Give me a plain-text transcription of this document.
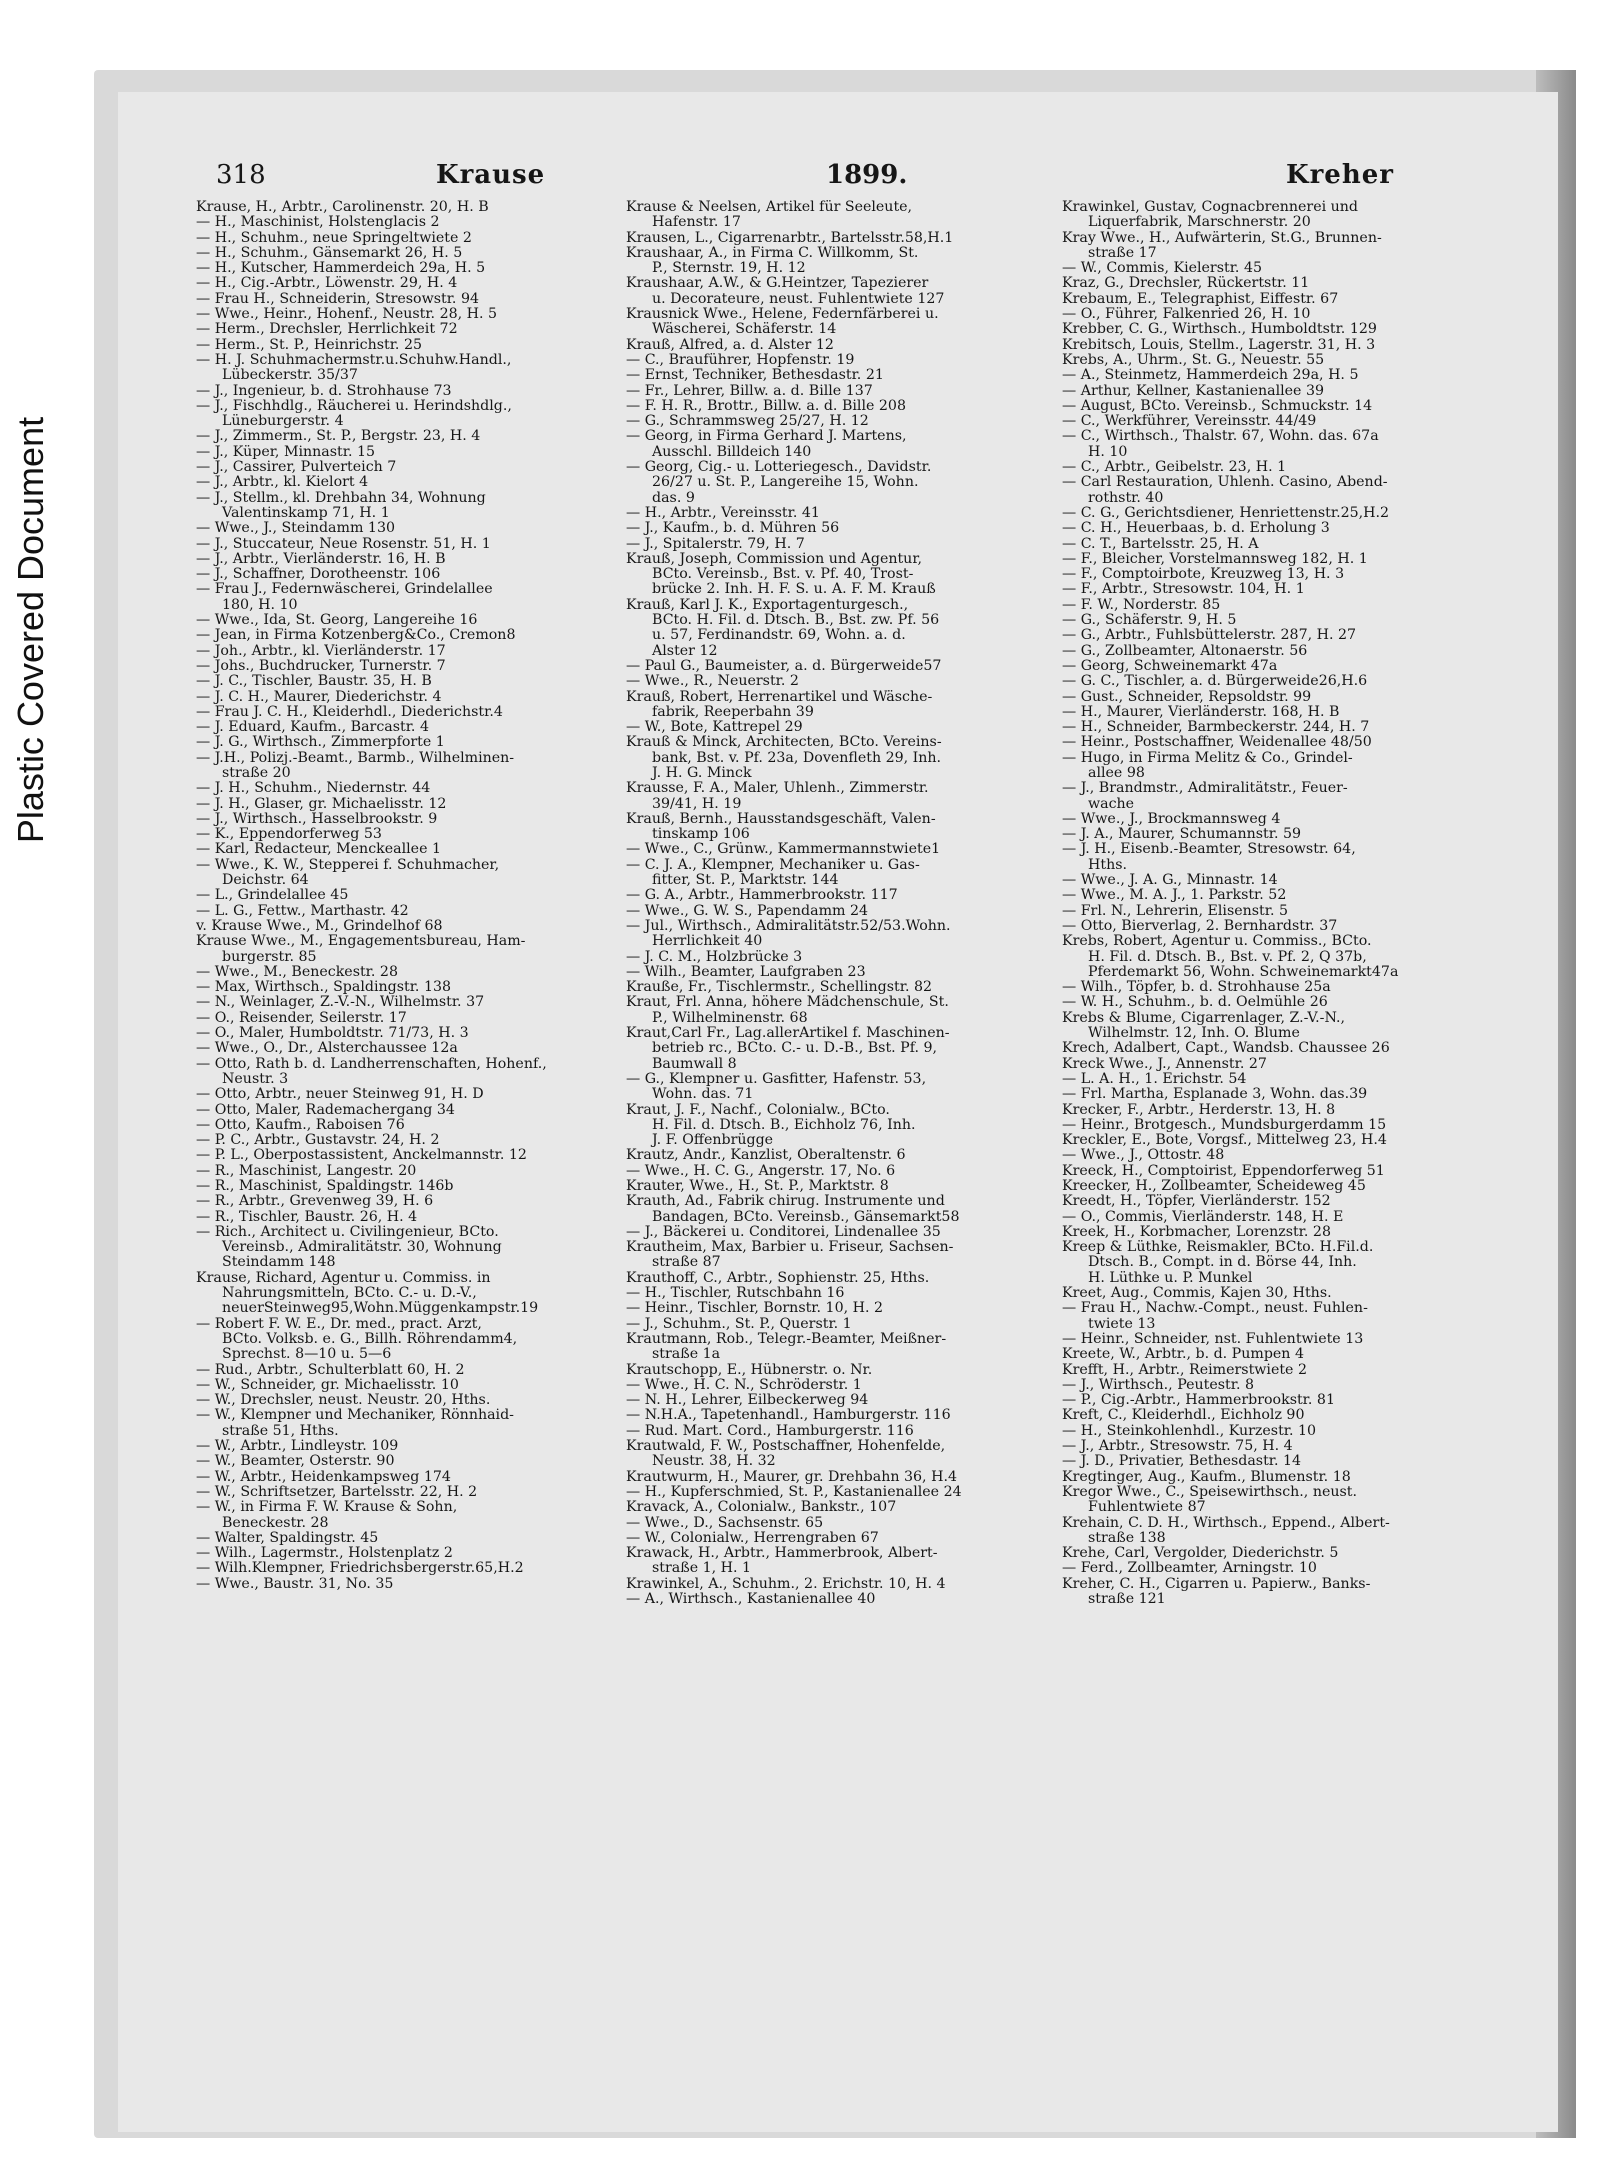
Plastic Covered Document
318	Krause	1899.	Kreher
Krause, H., Arbtr., Carolinenstr. 20, H. B
— H., Maschinist, Holstenglacis 2
— H., Schuhm., neue Springeltwiete 2
— H., Schuhm., Gänsemarkt 26, H. 5
— H., Kutscher, Hammerdeich 29a, H. 5
— H., Cig.-Arbtr., Löwenstr. 29, H. 4
— Frau H., Schneiderin, Stresowstr. 94
— Wwe., Heinr., Hohenf., Neustr. 28, H. 5
— Herm., Drechsler, Herrlichkeit 72
— Herm., St. P., Heinrichstr. 25
— H. J. Schuhmachermstr.u.Schuhw.Handl.,
Lübeckerstr. 35/37
— J., Ingenieur, b. d. Strohhause 73
— J., Fischhdlg., Räucherei u. Herindshdlg.,
Lüneburgerstr. 4
— J., Zimmerm., St. P., Bergstr. 23, H. 4
— J., Küper, Minnastr. 15
— J., Cassirer, Pulverteich 7
— J., Arbtr., kl. Kielort 4
— J., Stellm., kl. Drehbahn 34, Wohnung
Valentinskamp 71, H. 1
— Wwe., J., Steindamm 130
— J., Stuccateur, Neue Rosenstr. 51, H. 1
— J., Arbtr., Vierländerstr. 16, H. B
— J., Schaffner, Dorotheenstr. 106
— Frau J., Federnwäscherei, Grindelallee
180, H. 10
— Wwe., Ida, St. Georg, Langereihe 16
— Jean, in Firma Kotzenberg&Co., Cremon8
— Joh., Arbtr., kl. Vierländerstr. 17
— Johs., Buchdrucker, Turnerstr. 7
— J. C., Tischler, Baustr. 35, H. B
— J. C. H., Maurer, Diederichstr. 4
— Frau J. C. H., Kleiderhdl., Diederichstr.4
— J. Eduard, Kaufm., Barcastr. 4
— J. G., Wirthsch., Zimmerpforte 1
— J.H., Polizj.-Beamt., Barmb., Wilhelminen-
straße 20
— J. H., Schuhm., Niedernstr. 44
— J. H., Glaser, gr. Michaelisstr. 12
— J., Wirthsch., Hasselbrookstr. 9
— K., Eppendorferweg 53
— Karl, Redacteur, Menckeallee 1
— Wwe., K. W., Stepperei f. Schuhmacher,
Deichstr. 64
— L., Grindelallee 45
— L. G., Fettw., Marthastr. 42
v. Krause Wwe., M., Grindelhof 68
Krause Wwe., M., Engagementsbureau, Ham-
burgerstr. 85
— Wwe., M., Beneckestr. 28
— Max, Wirthsch., Spaldingstr. 138
— N., Weinlager, Z.-V.-N., Wilhelmstr. 37
— O., Reisender, Seilerstr. 17
— O., Maler, Humboldtstr. 71/73, H. 3
— Wwe., O., Dr., Alsterchaussee 12a
— Otto, Rath b. d. Landherrenschaften, Hohenf.,
Neustr. 3
— Otto, Arbtr., neuer Steinweg 91, H. D
— Otto, Maler, Rademachergang 34
— Otto, Kaufm., Raboisen 76
— P. C., Arbtr., Gustavstr. 24, H. 2
— P. L., Oberpostassistent, Anckelmannstr. 12
— R., Maschinist, Langestr. 20
— R., Maschinist, Spaldingstr. 146b
— R., Arbtr., Grevenweg 39, H. 6
— R., Tischler, Baustr. 26, H. 4
— Rich., Architect u. Civilingenieur, BCto.
Vereinsb., Admiralitätstr. 30, Wohnung
Steindamm 148
Krause, Richard, Agentur u. Commiss. in
Nahrungsmitteln, BCto. C.- u. D.-V.,
neuerSteinweg95,Wohn.Müggenkampstr.19
— Robert F. W. E., Dr. med., pract. Arzt,
BCto. Volksb. e. G., Billh. Röhrendamm4,
Sprechst. 8—10 u. 5—6
— Rud., Arbtr., Schulterblatt 60, H. 2
— W., Schneider, gr. Michaelisstr. 10
— W., Drechsler, neust. Neustr. 20, Hths.
— W., Klempner und Mechaniker, Rönnhaid-
straße 51, Hths.
— W., Arbtr., Lindleystr. 109
— W., Beamter, Osterstr. 90
— W., Arbtr., Heidenkampsweg 174
— W., Schriftsetzer, Bartelsstr. 22, H. 2
— W., in Firma F. W. Krause & Sohn,
Beneckestr. 28
— Walter, Spaldingstr. 45
— Wilh., Lagermstr., Holstenplatz 2
— Wilh.Klempner, Friedrichsbergerstr.65,H.2
— Wwe., Baustr. 31, No. 35
Krause & Neelsen, Artikel für Seeleute,
Hafenstr. 17
Krausen, L., Cigarrenarbtr., Bartelsstr.58,H.1
Kraushaar, A., in Firma C. Willkomm, St.
P., Sternstr. 19, H. 12
Kraushaar, A.W., & G.Heintzer, Tapezierer
u. Decorateure, neust. Fuhlentwiete 127
Krausnick Wwe., Helene, Federnfärberei u.
Wäscherei, Schäferstr. 14
Krauß, Alfred, a. d. Alster 12
— C., Brauführer, Hopfenstr. 19
— Ernst, Techniker, Bethesdastr. 21
— Fr., Lehrer, Billw. a. d. Bille 137
— F. H. R., Brottr., Billw. a. d. Bille 208
— G., Schrammsweg 25/27, H. 12
— Georg, in Firma Gerhard J. Martens,
Ausschl. Billdeich 140
— Georg, Cig.- u. Lotteriegesch., Davidstr.
26/27 u. St. P., Langereihe 15, Wohn.
das. 9
— H., Arbtr., Vereinsstr. 41
— J., Kaufm., b. d. Mühren 56
— J., Spitalerstr. 79, H. 7
Krauß, Joseph, Commission und Agentur,
BCto. Vereinsb., Bst. v. Pf. 40, Trost-
brücke 2. Inh. H. F. S. u. A. F. M. Krauß
Krauß, Karl J. K., Exportagenturgesch.,
BCto. H. Fil. d. Dtsch. B., Bst. zw. Pf. 56
u. 57, Ferdinandstr. 69, Wohn. a. d.
Alster 12
— Paul G., Baumeister, a. d. Bürgerweide57
— Wwe., R., Neuerstr. 2
Krauß, Robert, Herrenartikel und Wäsche-
fabrik, Reeperbahn 39
— W., Bote, Kattrepel 29
Krauß & Minck, Architecten, BCto. Vereins-
bank, Bst. v. Pf. 23a, Dovenfleth 29, Inh.
J. H. G. Minck
Krausse, F. A., Maler, Uhlenh., Zimmerstr.
39/41, H. 19
Krauß, Bernh., Hausstandsgeschäft, Valen-
tinskamp 106
— Wwe., C., Grünw., Kammermannstwiete1
— C. J. A., Klempner, Mechaniker u. Gas-
fitter, St. P., Marktstr. 144
— G. A., Arbtr., Hammerbrookstr. 117
— Wwe., G. W. S., Papendamm 24
— Jul., Wirthsch., Admiralitätstr.52/53.Wohn.
Herrlichkeit 40
— J. C. M., Holzbrücke 3
— Wilh., Beamter, Laufgraben 23
Krauße, Fr., Tischlermstr., Schellingstr. 82
Kraut, Frl. Anna, höhere Mädchenschule, St.
P., Wilhelminenstr. 68
Kraut,Carl Fr., Lag.allerArtikel f. Maschinen-
betrieb rc., BCto. C.- u. D.-B., Bst. Pf. 9,
Baumwall 8
— G., Klempner u. Gasfitter, Hafenstr. 53,
Wohn. das. 71
Kraut, J. F., Nachf., Colonialw., BCto.
H. Fil. d. Dtsch. B., Eichholz 76, Inh.
J. F. Offenbrügge
Krautz, Andr., Kanzlist, Oberaltenstr. 6
— Wwe., H. C. G., Angerstr. 17, No. 6
Krauter, Wwe., H., St. P., Marktstr. 8
Krauth, Ad., Fabrik chirug. Instrumente und
Bandagen, BCto. Vereinsb., Gänsemarkt58
— J., Bäckerei u. Conditorei, Lindenallee 35
Krautheim, Max, Barbier u. Friseur, Sachsen-
straße 87
Krauthoff, C., Arbtr., Sophienstr. 25, Hths.
— H., Tischler, Rutschbahn 16
— Heinr., Tischler, Bornstr. 10, H. 2
— J., Schuhm., St. P., Querstr. 1
Krautmann, Rob., Telegr.-Beamter, Meißner-
straße 1a
Krautschopp, E., Hübnerstr. o. Nr.
— Wwe., H. C. N., Schröderstr. 1
— N. H., Lehrer, Eilbeckerweg 94
— N.H.A., Tapetenhandl., Hamburgerstr. 116
— Rud. Mart. Cord., Hamburgerstr. 116
Krautwald, F. W., Postschaffner, Hohenfelde,
Neustr. 38, H. 32
Krautwurm, H., Maurer, gr. Drehbahn 36, H.4
— H., Kupferschmied, St. P., Kastanienallee 24
Kravack, A., Colonialw., Bankstr., 107
— Wwe., D., Sachsenstr. 65
— W., Colonialw., Herrengraben 67
Krawack, H., Arbtr., Hammerbrook, Albert-
straße 1, H. 1
Krawinkel, A., Schuhm., 2. Erichstr. 10, H. 4
— A., Wirthsch., Kastanienallee 40
Krawinkel, Gustav, Cognacbrennerei und
Liquerfabrik, Marschnerstr. 20
Kray Wwe., H., Aufwärterin, St.G., Brunnen-
straße 17
— W., Commis, Kielerstr. 45
Kraz, G., Drechsler, Rückertstr. 11
Krebaum, E., Telegraphist, Eiffestr. 67
— O., Führer, Falkenried 26, H. 10
Krebber, C. G., Wirthsch., Humboldtstr. 129
Krebitsch, Louis, Stellm., Lagerstr. 31, H. 3
Krebs, A., Uhrm., St. G., Neuestr. 55
— A., Steinmetz, Hammerdeich 29a, H. 5
— Arthur, Kellner, Kastanienallee 39
— August, BCto. Vereinsb., Schmuckstr. 14
— C., Werkführer, Vereinsstr. 44/49
— C., Wirthsch., Thalstr. 67, Wohn. das. 67a
H. 10
— C., Arbtr., Geibelstr. 23, H. 1
— Carl Restauration, Uhlenh. Casino, Abend-
rothstr. 40
— C. G., Gerichtsdiener, Henriettenstr.25,H.2
— C. H., Heuerbaas, b. d. Erholung 3
— C. T., Bartelsstr. 25, H. A
— F., Bleicher, Vorstelmannsweg 182, H. 1
— F., Comptoirbote, Kreuzweg 13, H. 3
— F., Arbtr., Stresowstr. 104, H. 1
— F. W., Norderstr. 85
— G., Schäferstr. 9, H. 5
— G., Arbtr., Fuhlsbüttelerstr. 287, H. 27
— G., Zollbeamter, Altonaerstr. 56
— Georg, Schweinemarkt 47a
— G. C., Tischler, a. d. Bürgerweide26,H.6
— Gust., Schneider, Repsoldstr. 99
— H., Maurer, Vierländerstr. 168, H. B
— H., Schneider, Barmbeckerstr. 244, H. 7
— Heinr., Postschaffner, Weidenallee 48/50
— Hugo, in Firma Melitz & Co., Grindel-
allee 98
— J., Brandmstr., Admiralitätstr., Feuer-
wache
— Wwe., J., Brockmannsweg 4
— J. A., Maurer, Schumannstr. 59
— J. H., Eisenb.-Beamter, Stresowstr. 64,
Hths.
— Wwe., J. A. G., Minnastr. 14
— Wwe., M. A. J., 1. Parkstr. 52
— Frl. N., Lehrerin, Elisenstr. 5
— Otto, Bierverlag, 2. Bernhardstr. 37
Krebs, Robert, Agentur u. Commiss., BCto.
H. Fil. d. Dtsch. B., Bst. v. Pf. 2, Q 37b,
Pferdemarkt 56, Wohn. Schweinemarkt47a
— Wilh., Töpfer, b. d. Strohhause 25a
— W. H., Schuhm., b. d. Oelmühle 26
Krebs & Blume, Cigarrenlager, Z.-V.-N.,
Wilhelmstr. 12, Inh. O. Blume
Krech, Adalbert, Capt., Wandsb. Chaussee 26
Kreck Wwe., J., Annenstr. 27
— L. A. H., 1. Erichstr. 54
— Frl. Martha, Esplanade 3, Wohn. das.39
Krecker, F., Arbtr., Herderstr. 13, H. 8
— Heinr., Brotgesch., Mundsburgerdamm 15
Kreckler, E., Bote, Vorgsf., Mittelweg 23, H.4
— Wwe., J., Ottostr. 48
Kreeck, H., Comptoirist, Eppendorferweg 51
Kreecker, H., Zollbeamter, Scheideweg 45
Kreedt, H., Töpfer, Vierländerstr. 152
— O., Commis, Vierländerstr. 148, H. E
Kreek, H., Korbmacher, Lorenzstr. 28
Kreep & Lüthke, Reismakler, BCto. H.Fil.d.
Dtsch. B., Compt. in d. Börse 44, Inh.
H. Lüthke u. P. Munkel
Kreet, Aug., Commis, Kajen 30, Hths.
— Frau H., Nachw.-Compt., neust. Fuhlen-
twiete 13
— Heinr., Schneider, nst. Fuhlentwiete 13
Kreete, W., Arbtr., b. d. Pumpen 4
Krefft, H., Arbtr., Reimerstwiete 2
— J., Wirthsch., Peutestr. 8
— P., Cig.-Arbtr., Hammerbrookstr. 81
Kreft, C., Kleiderhdl., Eichholz 90
— H., Steinkohlenhdl., Kurzestr. 10
— J., Arbtr., Stresowstr. 75, H. 4
— J. D., Privatier, Bethesdastr. 14
Kregtinger, Aug., Kaufm., Blumenstr. 18
Kregor Wwe., C., Speisewirthsch., neust.
Fuhlentwiete 87
Krehain, C. D. H., Wirthsch., Eppend., Albert-
straße 138
Krehe, Carl, Vergolder, Diederichstr. 5
— Ferd., Zollbeamter, Arningstr. 10
Kreher, C. H., Cigarren u. Papierw., Banks-
straße 121
